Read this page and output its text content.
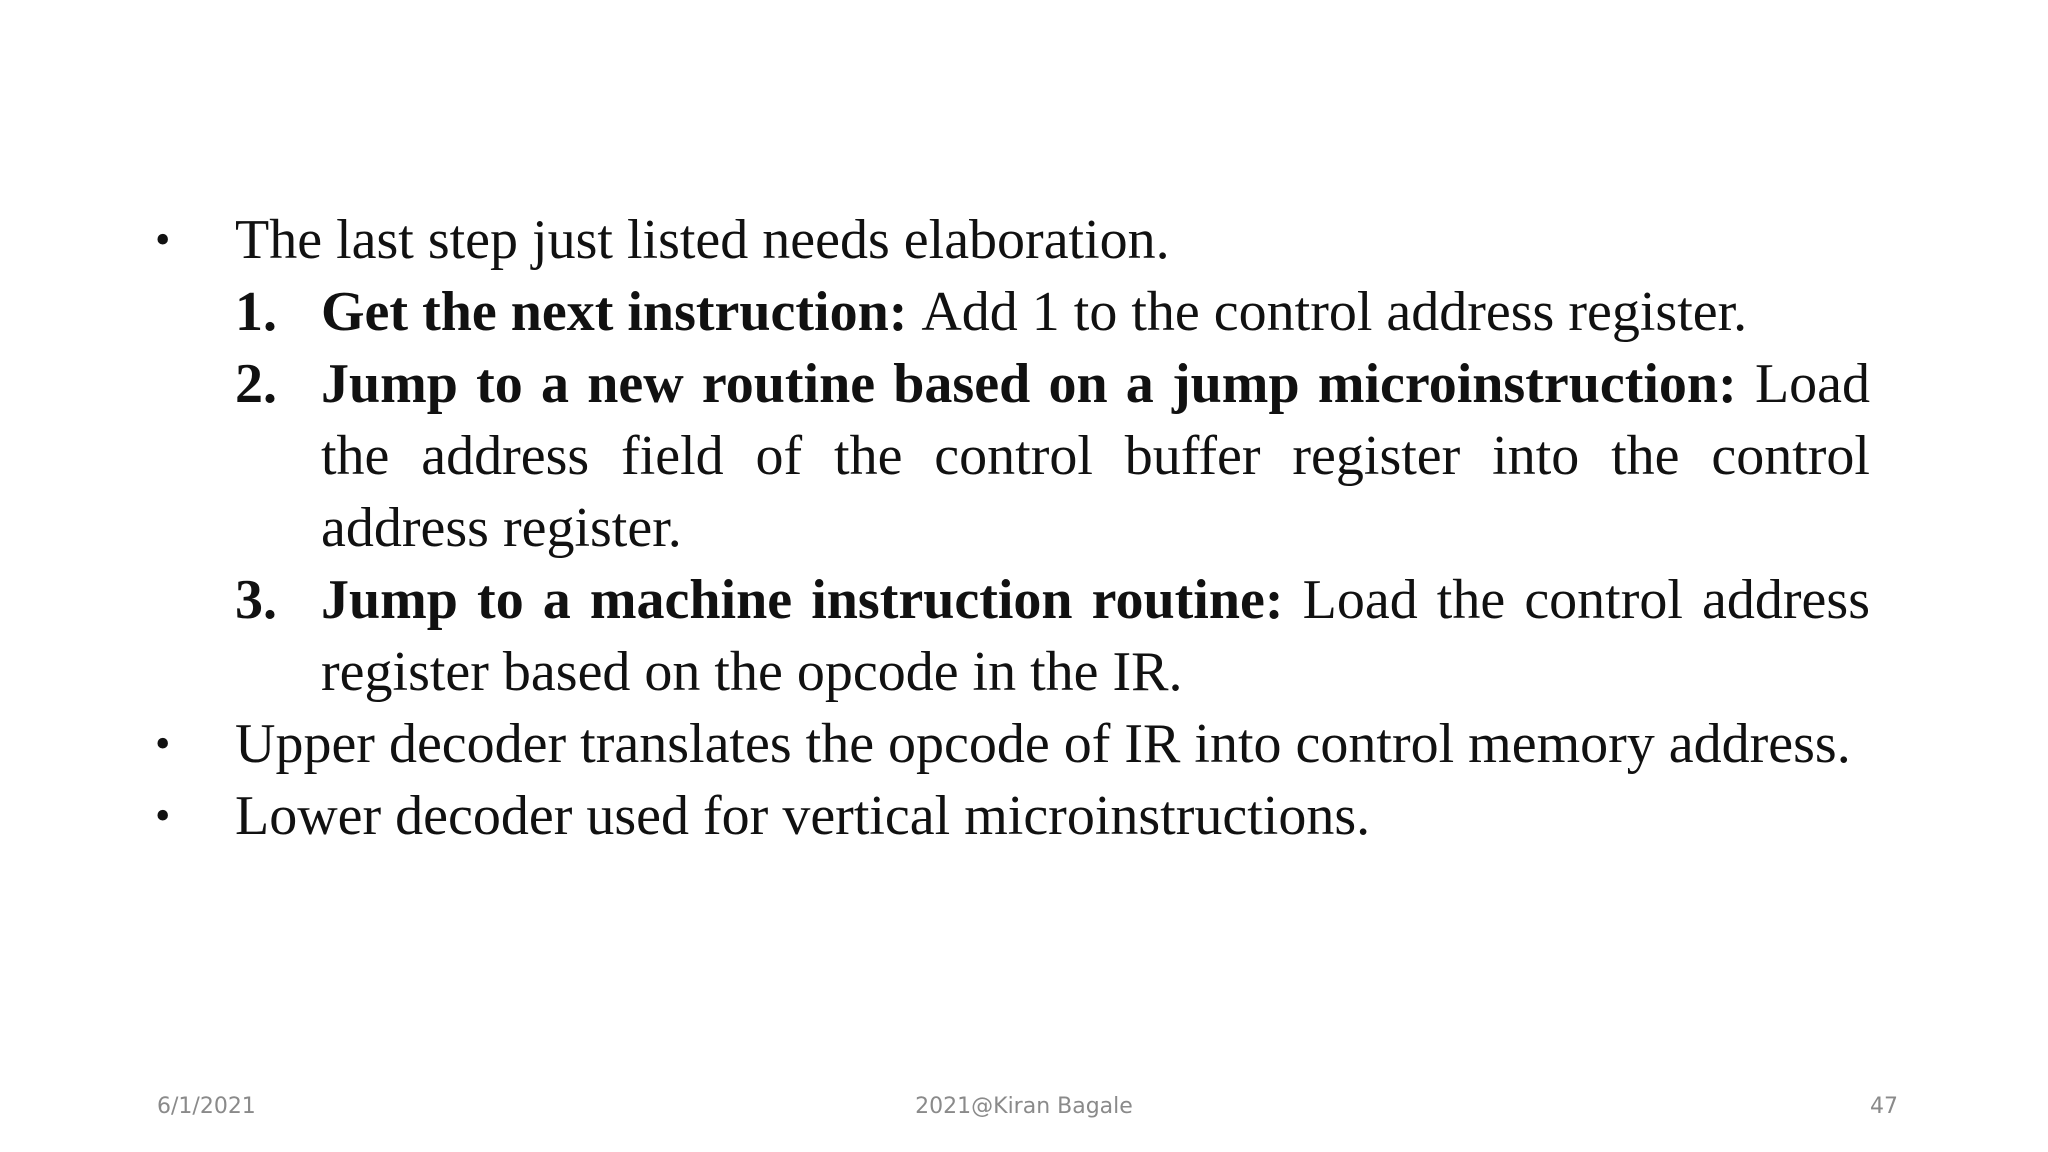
•	The last step just listed needs elaboration.
1. Get the next instruction: Add 1 to the control address register.
2. Jump to a new routine based on a jump microinstruction: Load the address field of the control buffer register into the control address register.
3. Jump to a machine instruction routine: Load the control address register based on the opcode in the IR.
•	Upper decoder translates the opcode of IR into control memory address.
•	Lower decoder used for vertical microinstructions.
6/1/2021	2021@Kiran Bagale	47
